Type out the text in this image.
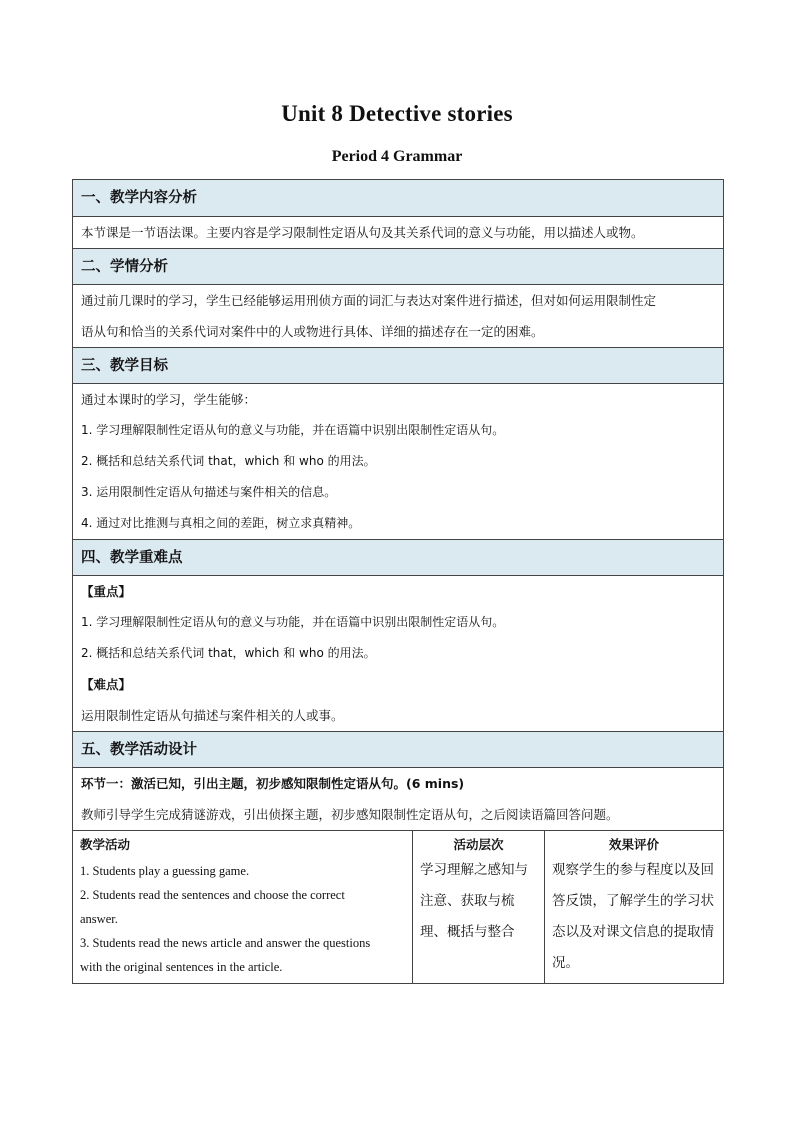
Unit 8 Detective stories
Period 4 Grammar
一、教学内容分析
本节课是一节语法课。主要内容是学习限制性定语从句及其关系代词的意义与功能，用以描述人或物。
二、学情分析
通过前几课时的学习，学生已经能够运用刑侦方面的词汇与表达对案件进行描述，但对如何运用限制性定
语从句和恰当的关系代词对案件中的人或物进行具体、详细的描述存在一定的困难。
三、教学目标
通过本课时的学习，学生能够：
1. 学习理解限制性定语从句的意义与功能，并在语篇中识别出限制性定语从句。
2. 概括和总结关系代词 that，which 和 who 的用法。
3. 运用限制性定语从句描述与案件相关的信息。
4. 通过对比推测与真相之间的差距，树立求真精神。
四、教学重难点
【重点】
1. 学习理解限制性定语从句的意义与功能，并在语篇中识别出限制性定语从句。
2. 概括和总结关系代词 that，which 和 who 的用法。
【难点】
运用限制性定语从句描述与案件相关的人或事。
五、教学活动设计
环节一：激活已知，引出主题，初步感知限制性定语从句。(6 mins)
教师引导学生完成猜谜游戏，引出侦探主题，初步感知限制性定语从句，之后阅读语篇回答问题。
教学活动
1. Students play a guessing game.
2. Students read the sentences and choose the correct
answer.
3. Students read the news article and answer the questions
with the original sentences in the article.
活动层次
学习理解之感知与注意、获取与梳理、概括与整合
效果评价
观察学生的参与程度以及回答反馈，了解学生的学习状态以及对课文信息的提取情况。
